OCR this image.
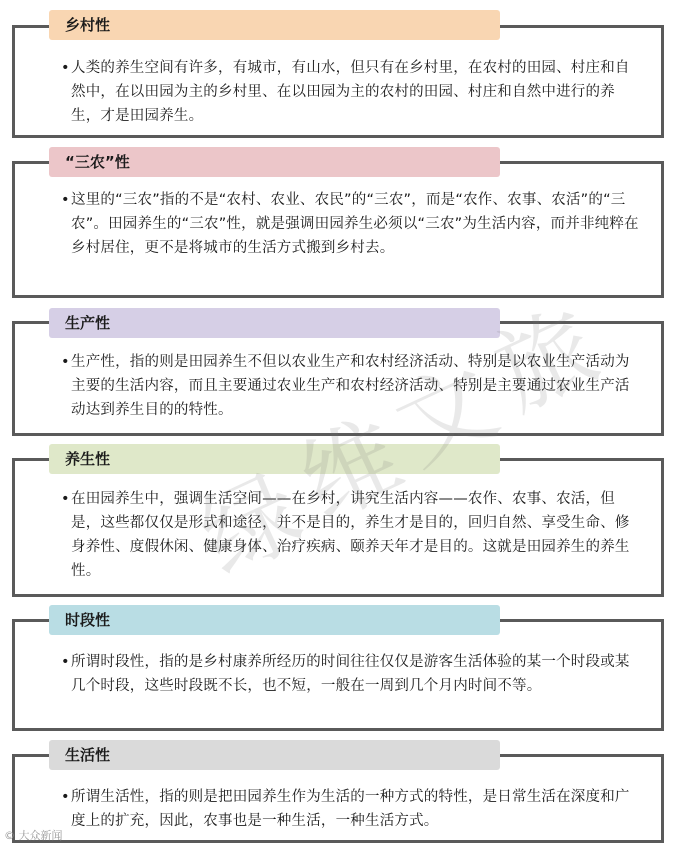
• 人类的养生空间有许多，有城市，有山水，但只有在乡村里，在农村的田园、村庄和自然中，在以田园为主的乡村里、在以田园为主的农村的田园、村庄和自然中进行的养生，才是田园养生。
乡村性
• 这里的“三农”指的不是“农村、农业、农民”的“三农”，而是“农作、农事、农活”的“三农”。田园养生的“三农”性，就是强调田园养生必须以“三农”为生活内容，而并非纯粹在乡村居住，更不是将城市的生活方式搬到乡村去。
“三农”性
• 生产性，指的则是田园养生不但以农业生产和农村经济活动、特别是以农业生产活动为主要的生活内容，而且主要通过农业生产和农村经济活动、特别是主要通过农业生产活动达到养生目的的特性。
生产性
• 在田园养生中，强调生活空间——在乡村，讲究生活内容——农作、农事、农活，但是，这些都仅仅是形式和途径，并不是目的，养生才是目的，回归自然、享受生命、修身养性、度假休闲、健康身体、治疗疾病、颐养天年才是目的。这就是田园养生的养生性。
养生性
• 所谓时段性，指的是乡村康养所经历的时间往往仅仅是游客生活体验的某一个时段或某几个时段，这些时段既不长，也不短，一般在一周到几个月内时间不等。
时段性
• 所谓生活性，指的则是把田园养生作为生活的一种方式的特性，是日常生活在深度和广度上的扩充，因此，农事也是一种生活，一种生活方式。
生活性
© 大众新闻
